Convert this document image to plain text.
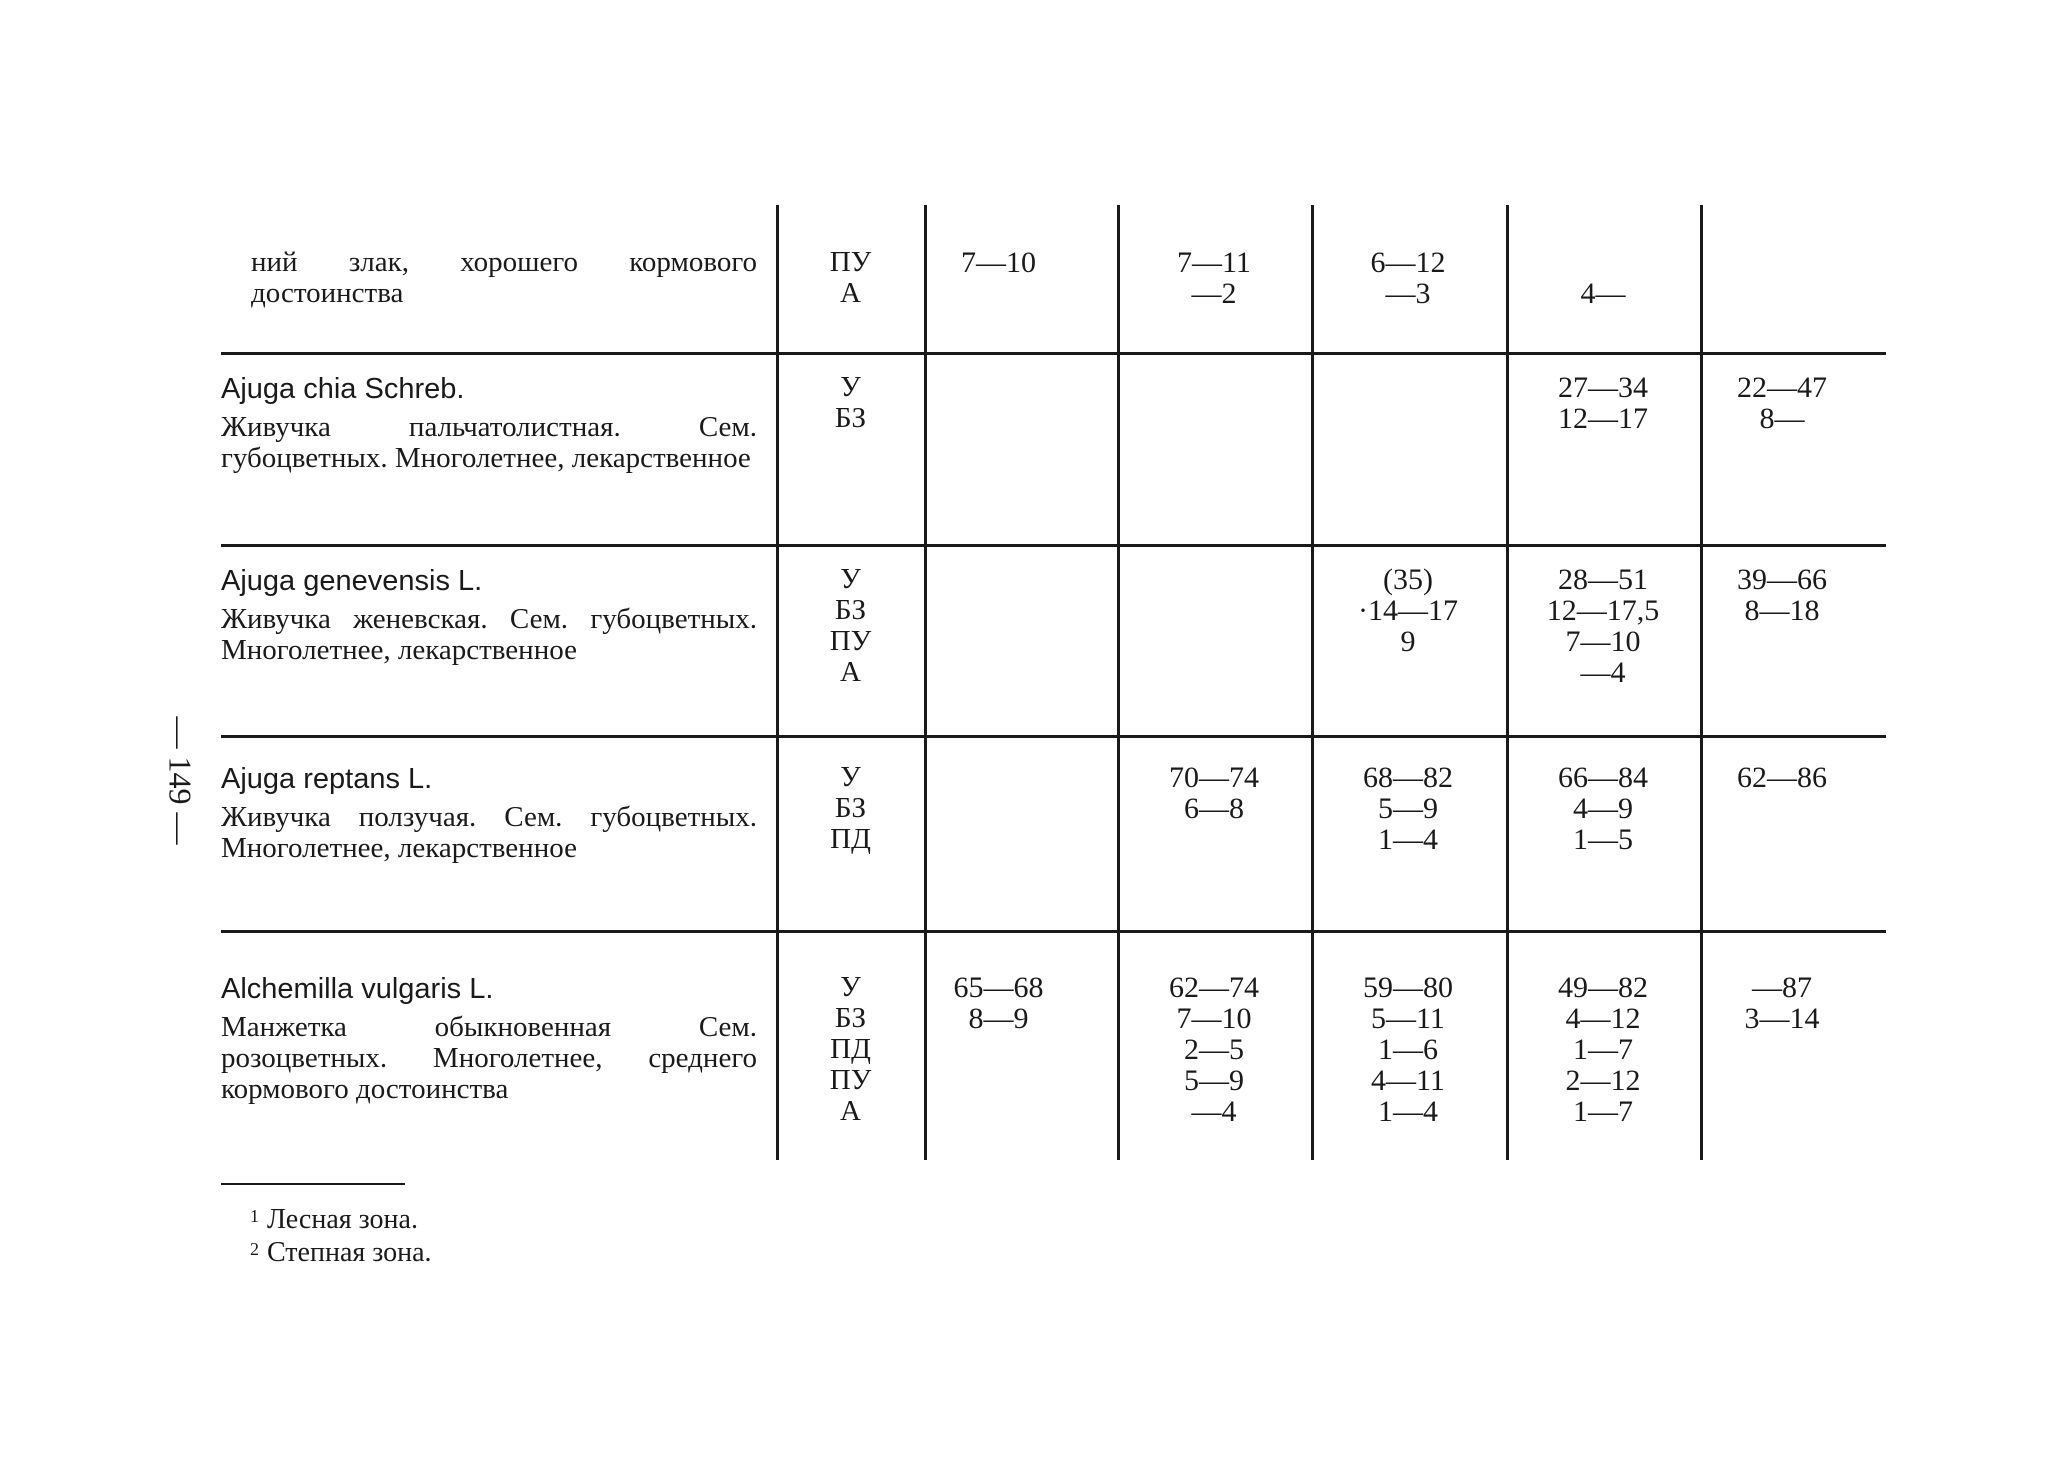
— 149 —
ний злак, хорошего кормового достоинства
ПУ
А
7—10	7—11
—2
6—12
—3	
4—
Ajuga chia Schreb.
Живучка пальчатолистная. Сем. губоцветных. Многолетнее, лекарственное
У
БЗ
27—34
12—17
22—47
8—
Ajuga genevensis L.
Живучка женевская. Сем. губоцветных. Многолетнее, лекарственное
У
БЗ
ПУ
А
(35)
·14—17
9
28—51
12—17,5
7—10
—4
39—66
8—18
Ajuga reptans L.
Живучка ползучая. Сем. губоцветных. Многолетнее, лекарственное
У
БЗ
ПД
70—74
6—8
68—82
5—9
1—4
66—84
4—9
1—5
62—86
Alchemilla vulgaris L.
Манжетка обыкновенная Сем. розоцветных. Многолетнее, среднего кормового достоинства
У
БЗ
ПД
ПУ
А
65—68
8—9
62—74
7—10
2—5
5—9
—4
59—80
5—11
1—6
4—11
1—4
49—82
4—12
1—7
2—12
1—7
—87
3—14
$^1$ Лесная зона.
$^2$ Степная зона.
